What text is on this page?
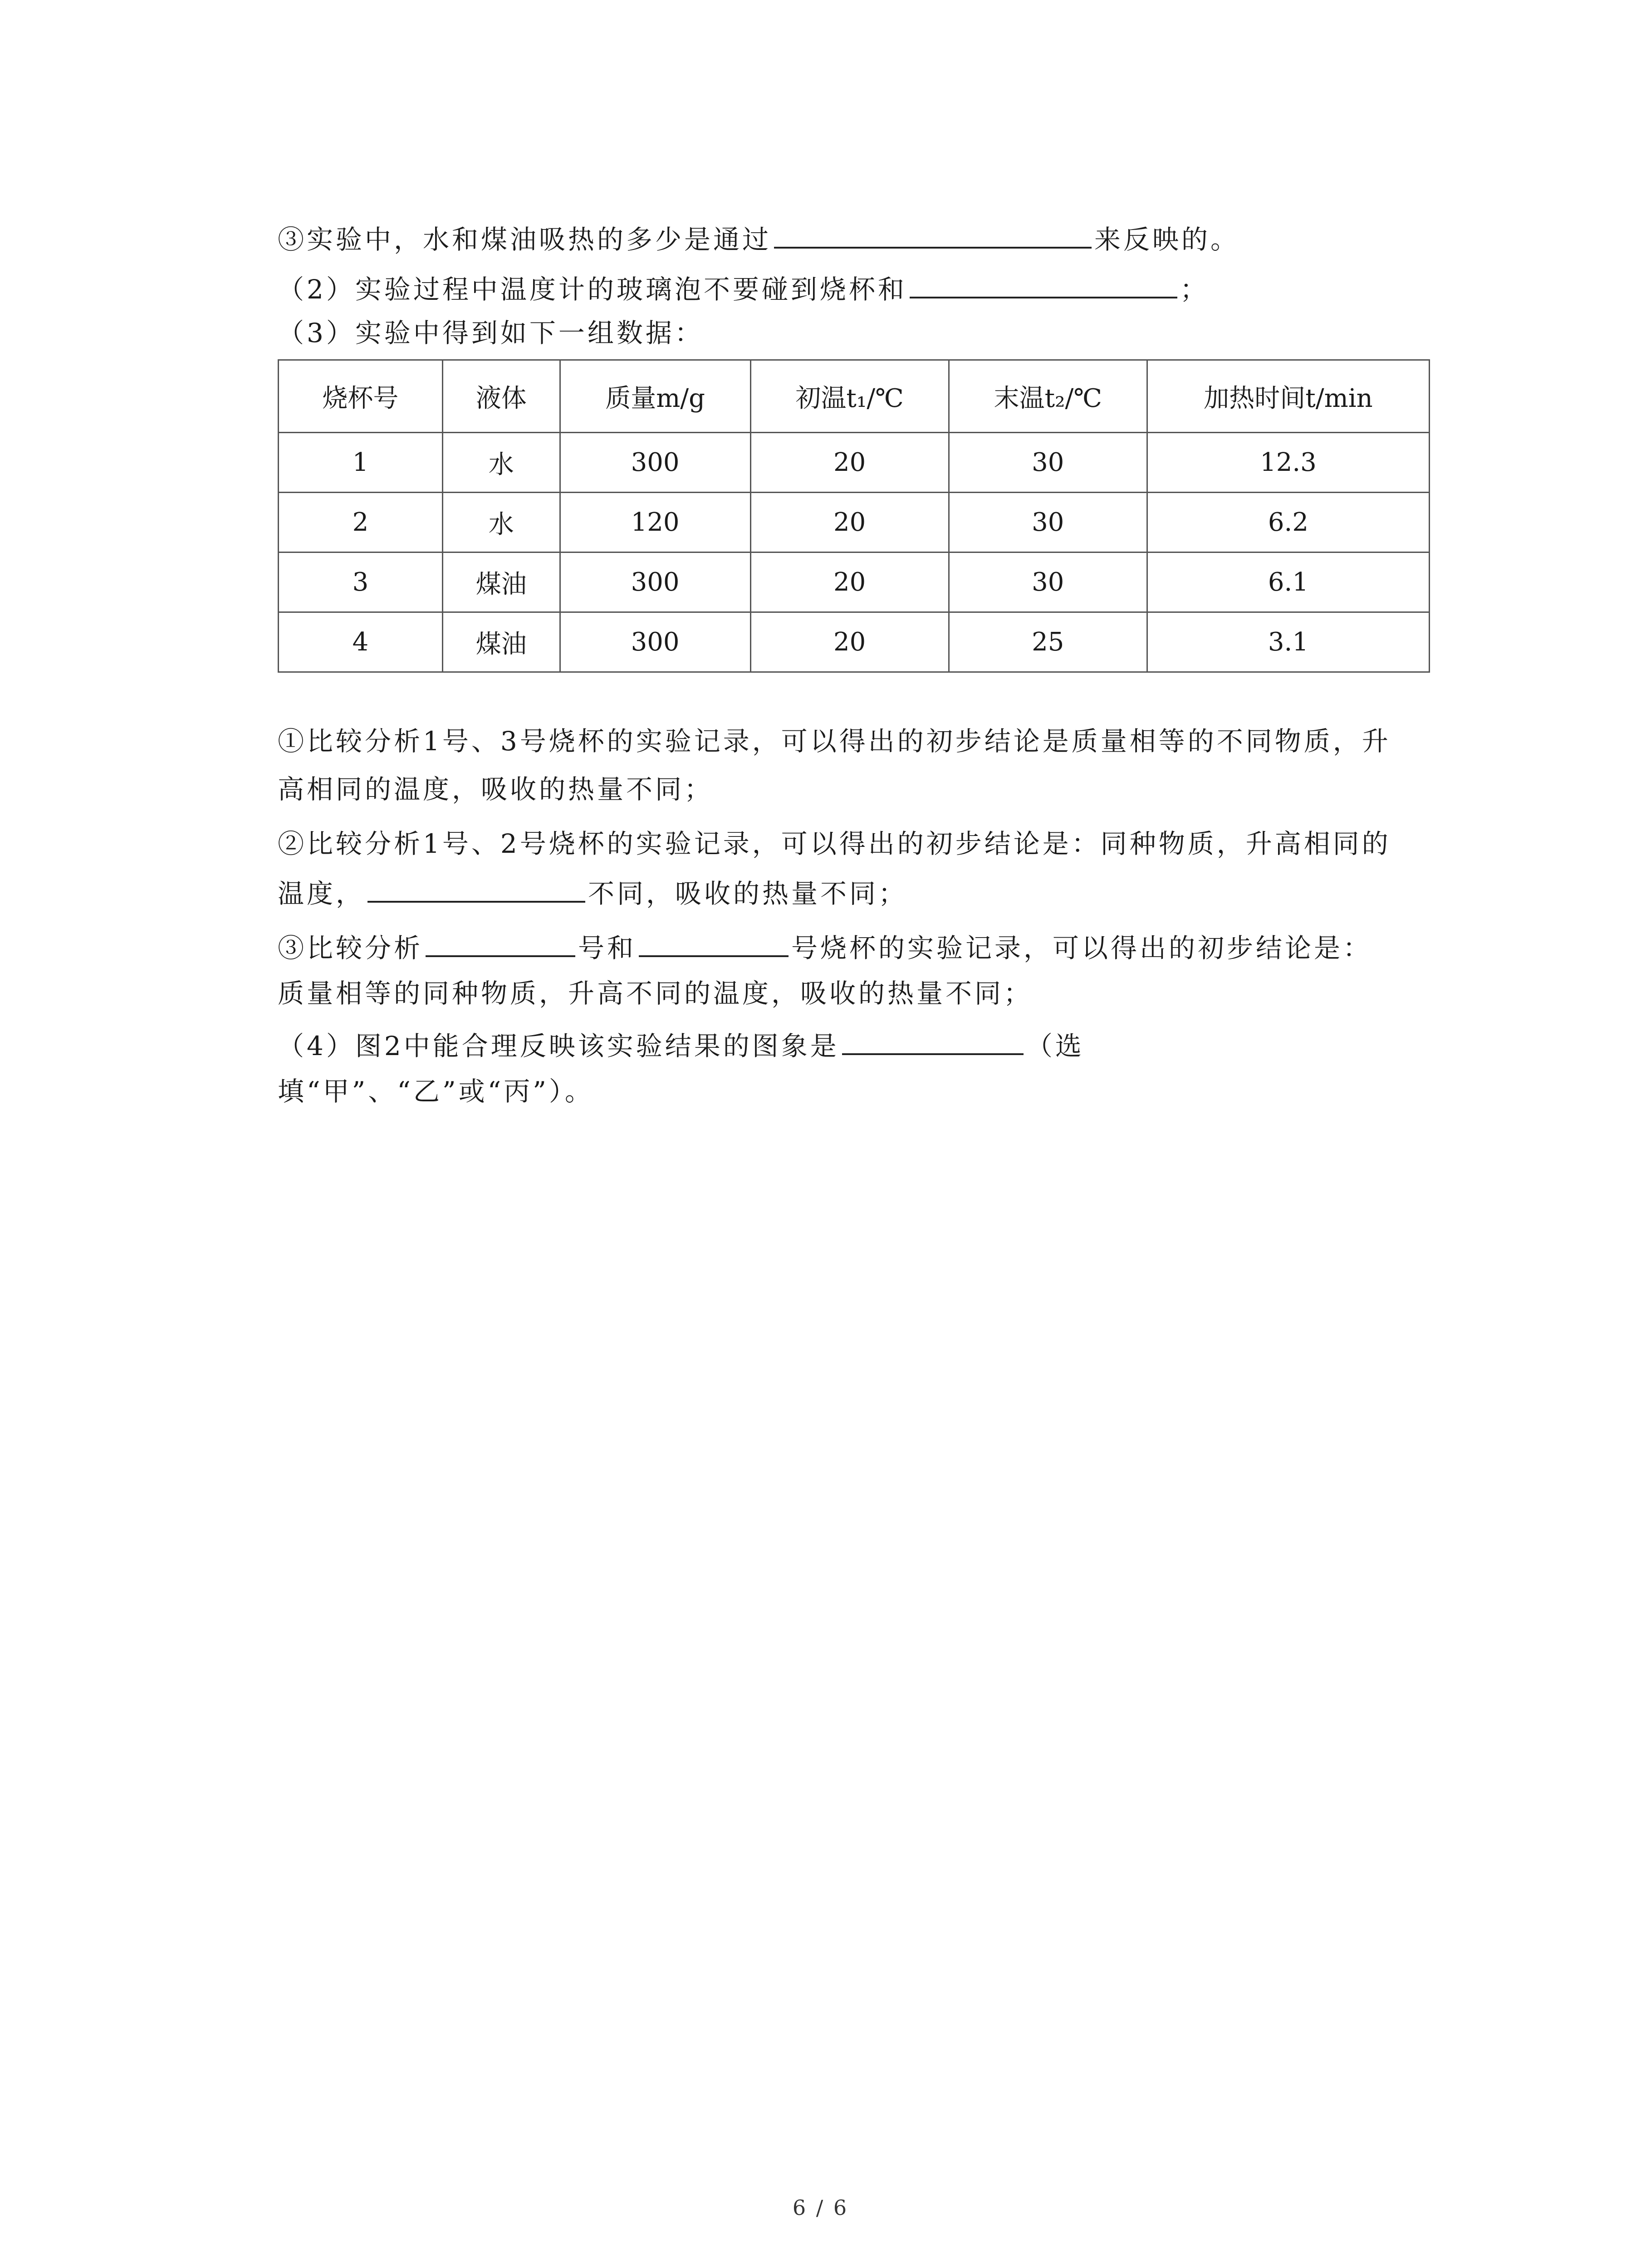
③实验中，水和煤油吸热的多少是通过	来反映的。
（2）实验过程中温度计的玻璃泡不要碰到烧杯和	；
（3）实验中得到如下一组数据：
烧杯号	液体	质量m/g	初温t₁/℃	末温t₂/℃	加热时间t/min
1	水	300	20	30	12.3
2	水	120	20	30	6.2
3	煤油	300	20	30	6.1
4	煤油	300	20	25	3.1
①比较分析1号、3号烧杯的实验记录，可以得出的初步结论是质量相等的不同物质，升
高相同的温度，吸收的热量不同；
②比较分析1号、2号烧杯的实验记录，可以得出的初步结论是：同种物质，升高相同的
温度，	不同，吸收的热量不同；
③比较分析	号和	号烧杯的实验记录，可以得出的初步结论是：
质量相等的同种物质，升高不同的温度，吸收的热量不同；
（4）图2中能合理反映该实验结果的图象是	（选
填“甲”、“乙”或“丙”）。
6 / 6
